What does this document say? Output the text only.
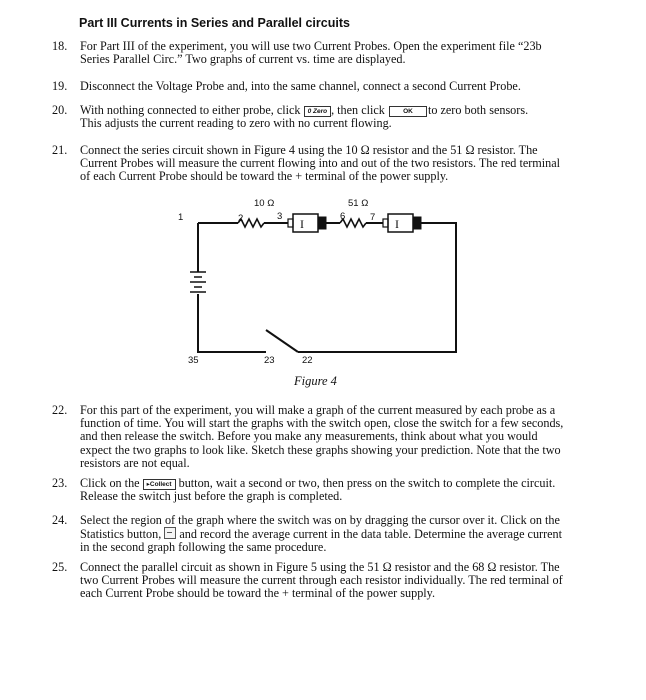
Part III Currents in Series and Parallel circuits
18.	For Part III of the experiment, you will use two Current Probes. Open the experiment file “23b Series Parallel Circ.” Two graphs of current vs. time are displayed.
19.	Disconnect the Voltage Probe and, into the same channel, connect a second Current Probe.
20.	With nothing connected to either probe, click 0 Zero , then click	OK to zero both sensors.
This adjusts the current reading to zero with no current flowing.
21.	Connect the series circuit shown in Figure 4 using the 10 Ω resistor and the 51 Ω resistor. The Current Probes will measure the current flowing into and out of the two resistors. The red terminal of each Current Probe should be toward the + terminal of the power supply.
I	I
10 Ω	51 Ω
1	2	3	6	7
35	23	22
Figure 4
22.	For this part of the experiment, you will make a graph of the current measured by each probe as a function of time. You will start the graphs with the switch open, close the switch for a few seconds, and then release the switch. Before you make any measurements, think about what you would expect the two graphs to look like. Sketch these graphs showing your prediction. Note that the two resistors are not equal.
23.	Click on the ▸Collect button, wait a second or two, then press on the switch to complete the circuit. Release the switch just before the graph is completed.
24.	Select the region of the graph where the switch was on by dragging the cursor over it. Click on the Statistics button, and record the average current in the data table. Determine the average current in the second graph following the same procedure.
25.	Connect the parallel circuit as shown in Figure 5 using the 51 Ω resistor and the 68 Ω resistor. The two Current Probes will measure the current through each resistor individually. The red terminal of each Current Probe should be toward the + terminal of the power supply.
